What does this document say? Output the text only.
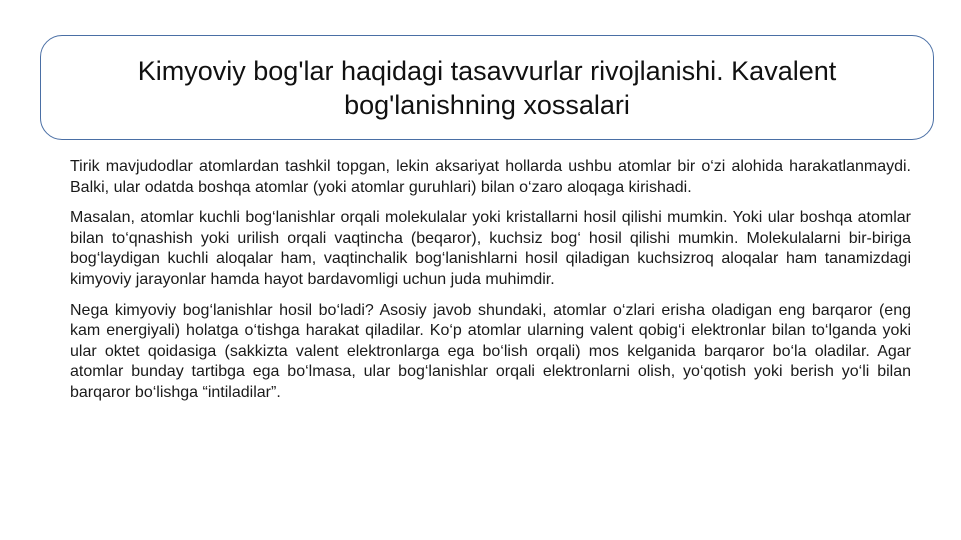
Kimyoviy bog'lar haqidagi tasavvurlar rivojlanishi. Kavalent bog'lanishning xossalari

Tirik mavjudodlar atomlardan tashkil topgan, lekin aksariyat hollarda ushbu atomlar bir o‘zi alohida harakatlanmaydi. Balki, ular odatda boshqa atomlar (yoki atomlar guruhlari) bilan o‘zaro aloqaga kirishadi.

Masalan, atomlar kuchli bog‘lanishlar orqali molekulalar yoki kristallarni hosil qilishi mumkin. Yoki ular boshqa atomlar bilan to‘qnashish yoki urilish orqali vaqtincha (beqaror), kuchsiz bog‘ hosil qilishi mumkin. Molekulalarni bir-biriga bog‘laydigan kuchli aloqalar ham, vaqtinchalik bog‘lanishlarni hosil qiladigan kuchsizroq aloqalar ham tanamizdagi kimyoviy jarayonlar hamda hayot bardavomligi uchun juda muhimdir.

Nega kimyoviy bog‘lanishlar hosil bo‘ladi? Asosiy javob shundaki, atomlar o‘zlari erisha oladigan eng barqaror (eng kam energiyali) holatga o‘tishga harakat qiladilar. Ko‘p atomlar ularning valent qobig‘i elektronlar bilan to‘lganda yoki ular oktet qoidasiga (sakkizta valent elektronlarga ega bo‘lish orqali) mos kelganida barqaror bo‘la oladilar. Agar atomlar bunday tartibga ega bo‘lmasa, ular bog‘lanishlar orqali elektronlarni olish, yo‘qotish yoki berish yo‘li bilan barqaror bo‘lishga “intiladilar”.
